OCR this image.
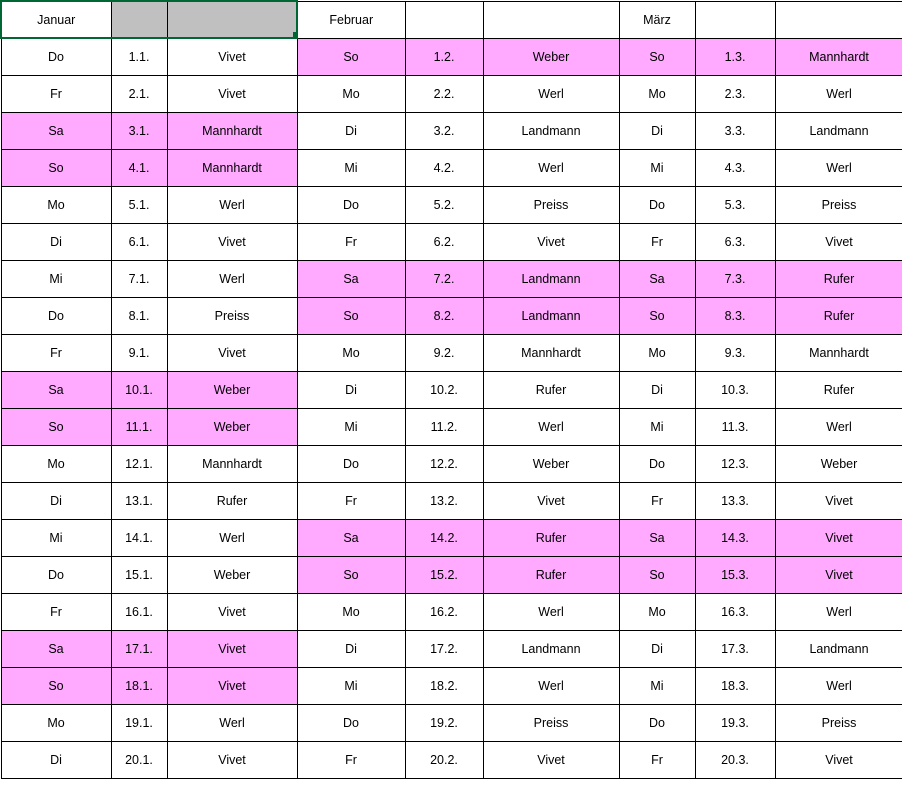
Januar			Februar			März		
Do	1.1.	Vivet	So	1.2.	Weber	So	1.3.	Mannhardt
Fr	2.1.	Vivet	Mo	2.2.	Werl	Mo	2.3.	Werl
Sa	3.1.	Mannhardt	Di	3.2.	Landmann	Di	3.3.	Landmann
So	4.1.	Mannhardt	Mi	4.2.	Werl	Mi	4.3.	Werl
Mo	5.1.	Werl	Do	5.2.	Preiss	Do	5.3.	Preiss
Di	6.1.	Vivet	Fr	6.2.	Vivet	Fr	6.3.	Vivet
Mi	7.1.	Werl	Sa	7.2.	Landmann	Sa	7.3.	Rufer
Do	8.1.	Preiss	So	8.2.	Landmann	So	8.3.	Rufer
Fr	9.1.	Vivet	Mo	9.2.	Mannhardt	Mo	9.3.	Mannhardt
Sa	10.1.	Weber	Di	10.2.	Rufer	Di	10.3.	Rufer
So	11.1.	Weber	Mi	11.2.	Werl	Mi	11.3.	Werl
Mo	12.1.	Mannhardt	Do	12.2.	Weber	Do	12.3.	Weber
Di	13.1.	Rufer	Fr	13.2.	Vivet	Fr	13.3.	Vivet
Mi	14.1.	Werl	Sa	14.2.	Rufer	Sa	14.3.	Vivet
Do	15.1.	Weber	So	15.2.	Rufer	So	15.3.	Vivet
Fr	16.1.	Vivet	Mo	16.2.	Werl	Mo	16.3.	Werl
Sa	17.1.	Vivet	Di	17.2.	Landmann	Di	17.3.	Landmann
So	18.1.	Vivet	Mi	18.2.	Werl	Mi	18.3.	Werl
Mo	19.1.	Werl	Do	19.2.	Preiss	Do	19.3.	Preiss
Di	20.1.	Vivet	Fr	20.2.	Vivet	Fr	20.3.	Vivet
